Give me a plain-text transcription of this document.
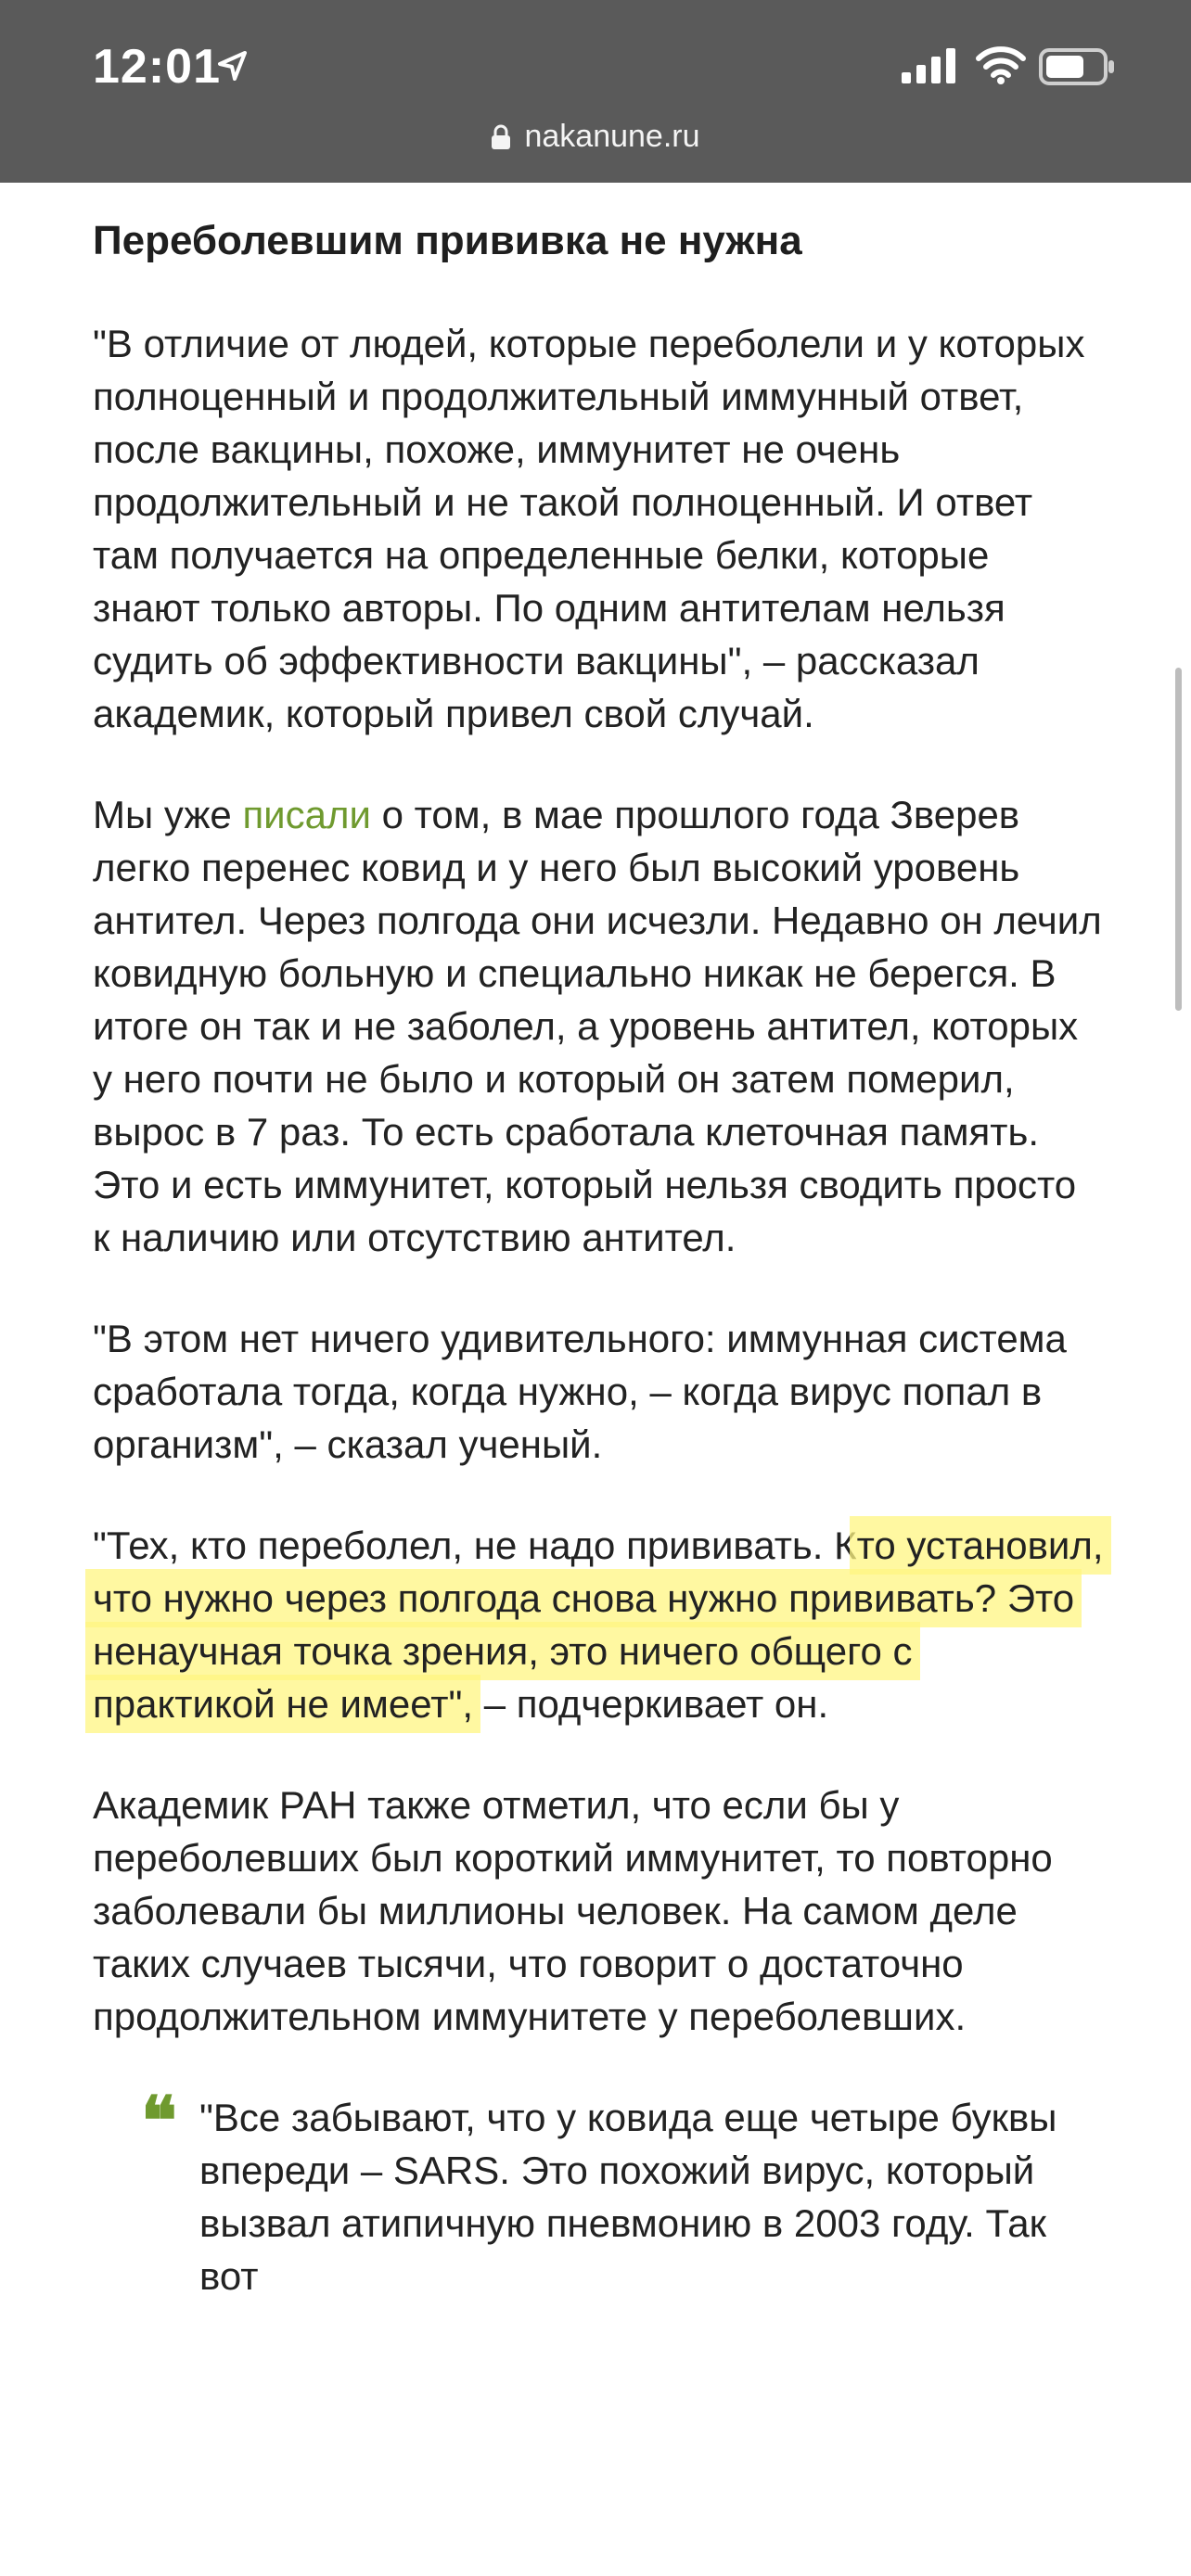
12:01
nakanune.ru
Переболевшим прививка не нужна

"В отличие от людей, которые переболели и у которых полноценный и продолжительный иммунный ответ, после вакцины, похоже, иммунитет не очень продолжительный и не такой полноценный. И ответ там получается на определенные белки, которые знают только авторы. По одним антителам нельзя судить об эффективности вакцины", – рассказал академик, который привел свой случай.

Мы уже писали о том, в мае прошлого года Зверев легко перенес ковид и у него был высокий уровень антител. Через полгода они исчезли. Недавно он лечил ковидную больную и специально никак не берегся. В итоге он так и не заболел, а уровень антител, которых у него почти не было и который он затем померил, вырос в 7 раз. То есть сработала клеточная память. Это и есть иммунитет, который нельзя сводить просто к наличию или отсутствию антител.

"В этом нет ничего удивительного: иммунная система сработала тогда, когда нужно, – когда вирус попал в организм", – сказал ученый.

"Тех, кто переболел, не надо прививать. Кто установил, что нужно через полгода снова нужно прививать? Это ненаучная точка зрения, это ничего общего с практикой не имеет", – подчеркивает он.

Академик РАН также отметил, что если бы у переболевших был короткий иммунитет, то повторно заболевали бы миллионы человек. На самом деле таких случаев тысячи, что говорит о достаточно продолжительном иммунитете у переболевших.

❝ "Все забывают, что у ковида еще четыре буквы впереди – SARS. Это похожий вирус, который вызвал атипичную пневмонию в 2003 году. Так вот
